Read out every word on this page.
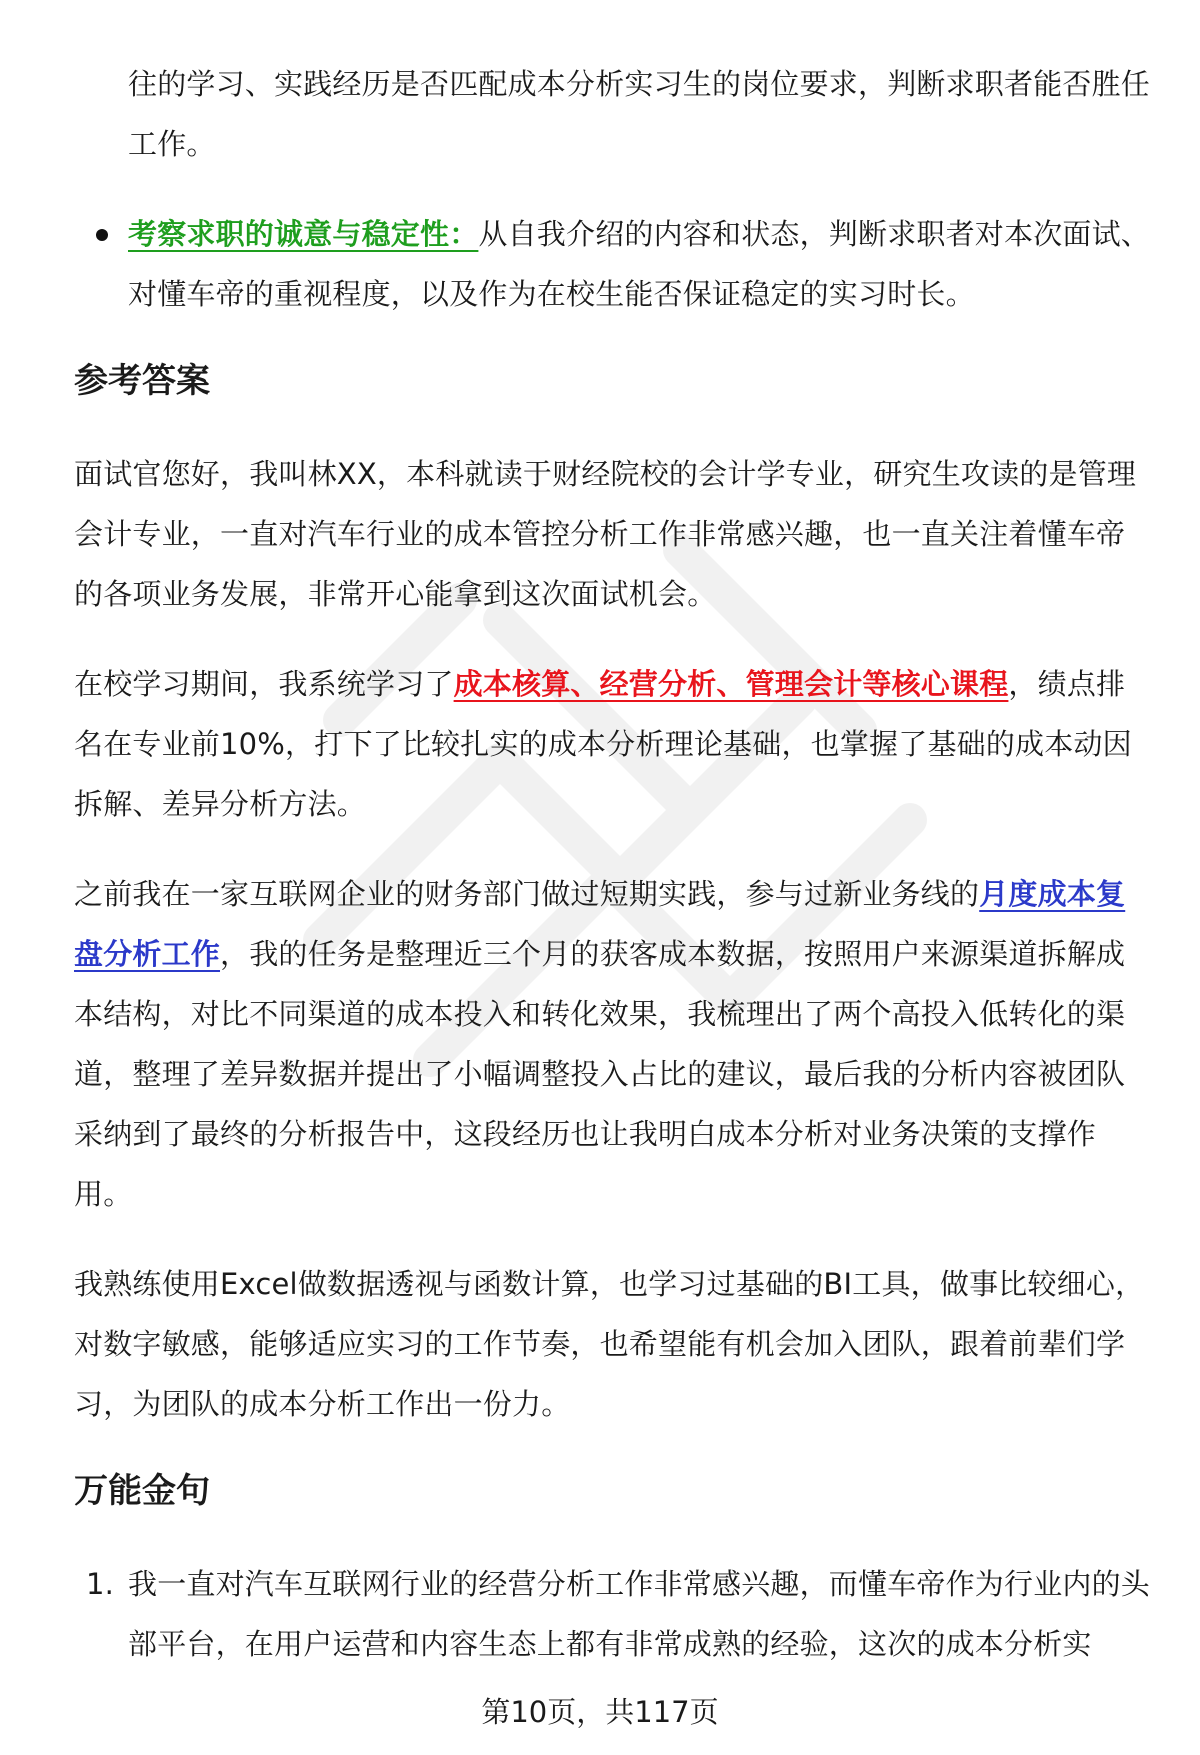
往的学习、实践经历是否匹配成本分析实习生的岗位要求，判断求职者能否胜任工作。

考察求职的诚意与稳定性：从自我介绍的内容和状态，判断求职者对本次面试、对懂车帝的重视程度，以及作为在校生能否保证稳定的实习时长。
参考答案

面试官您好，我叫林XX，本科就读于财经院校的会计学专业，研究生攻读的是管理会计专业，一直对汽车行业的成本管控分析工作非常感兴趣，也一直关注着懂车帝的各项业务发展，非常开心能拿到这次面试机会。

在校学习期间，我系统学习了成本核算、经营分析、管理会计等核心课程，绩点排名在专业前10%，打下了比较扎实的成本分析理论基础，也掌握了基础的成本动因拆解、差异分析方法。

之前我在一家互联网企业的财务部门做过短期实践，参与过新业务线的月度成本复盘分析工作，我的任务是整理近三个月的获客成本数据，按照用户来源渠道拆解成本结构，对比不同渠道的成本投入和转化效果，我梳理出了两个高投入低转化的渠道，整理了差异数据并提出了小幅调整投入占比的建议，最后我的分析内容被团队采纳到了最终的分析报告中，这段经历也让我明白成本分析对业务决策的支撑作用。

我熟练使用Excel做数据透视与函数计算，也学习过基础的BI工具，做事比较细心，对数字敏感，能够适应实习的工作节奏，也希望能有机会加入团队，跟着前辈们学习，为团队的成本分析工作出一份力。

万能金句
1. 我一直对汽车互联网行业的经营分析工作非常感兴趣，而懂车帝作为行业内的头部平台，在用户运营和内容生态上都有非常成熟的经验，这次的成本分析实
第10页，共117页
